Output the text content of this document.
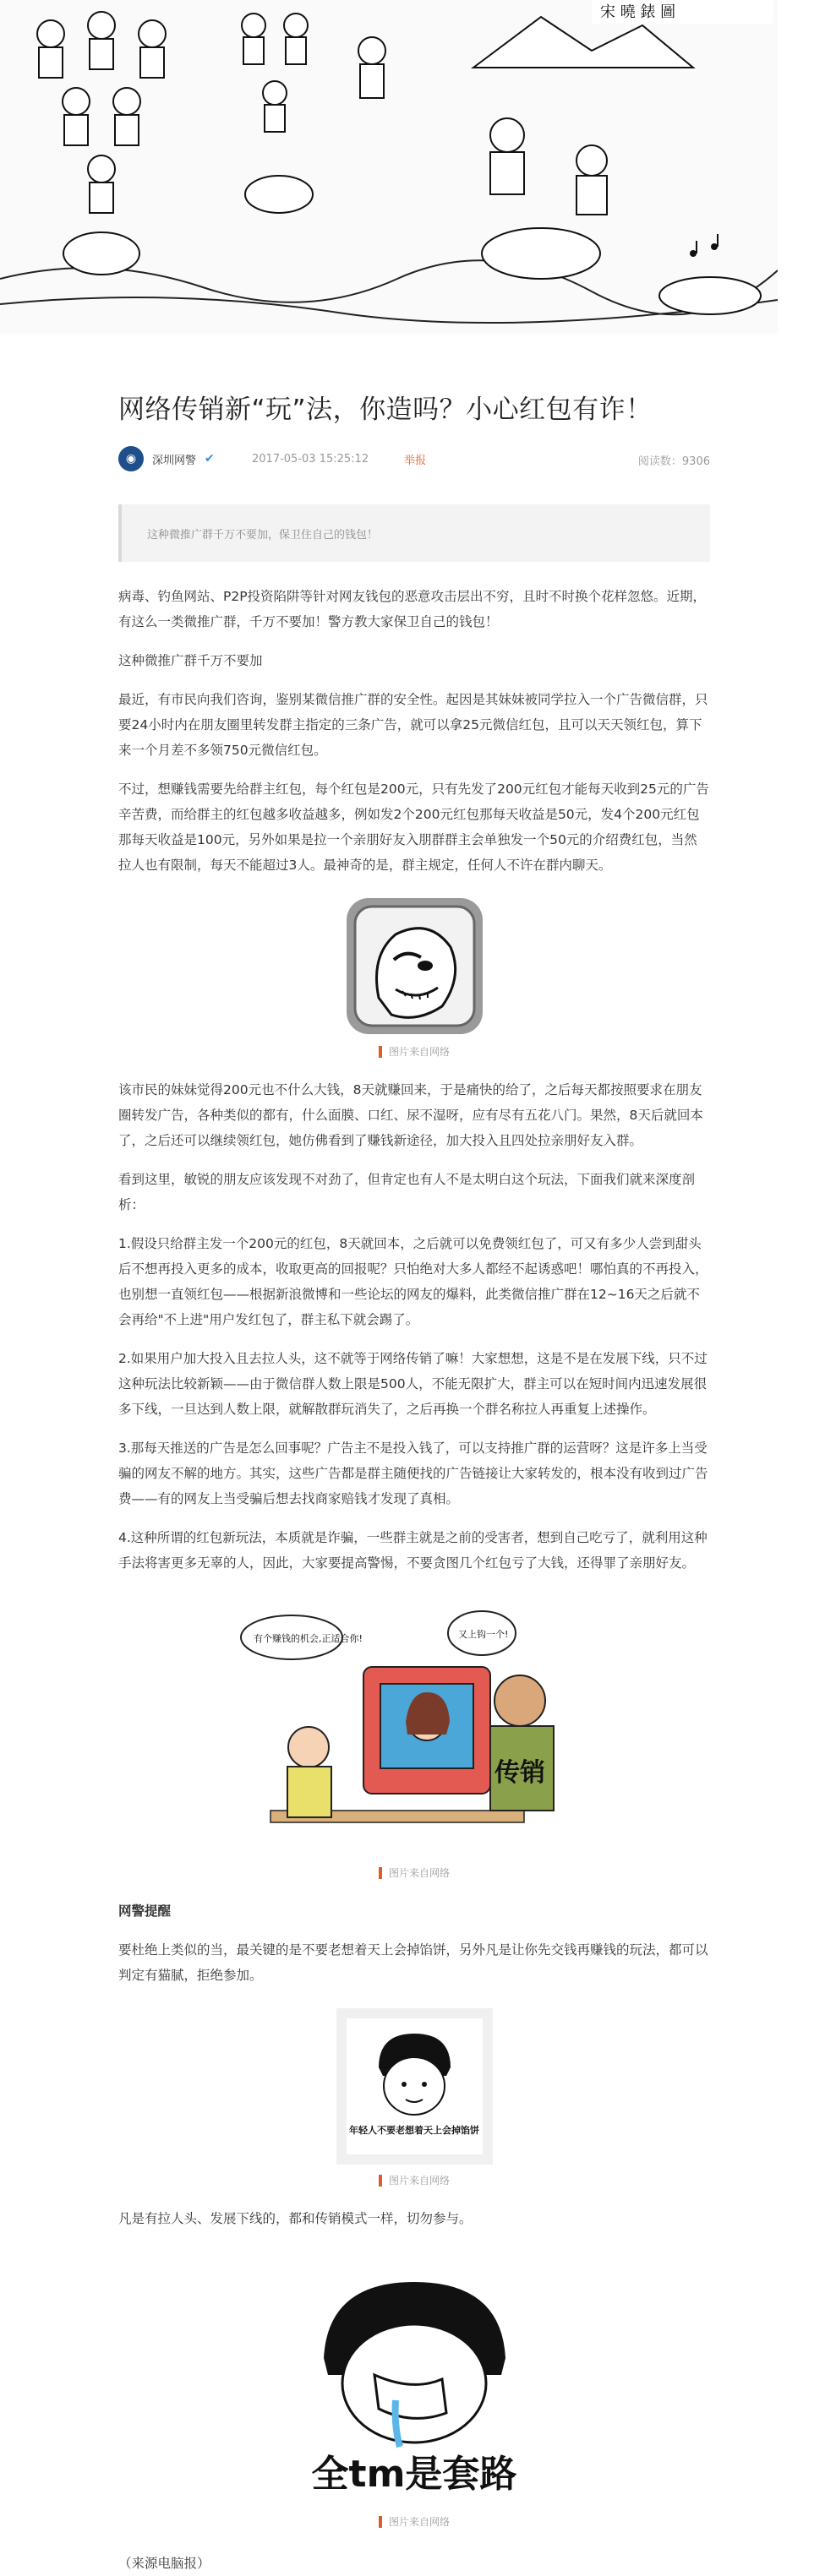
宋 曉 錶 圖
网络传销新“玩”法，你造吗？小心红包有诈！
◉	深圳网警 ✔	2017-05-03 15:25:12	举报	阅读数：9306
这种微推广群千万不要加，保卫住自己的钱包！

病毒、钓鱼网站、P2P投资陷阱等针对网友钱包的恶意攻击层出不穷，且时不时换个花样忽悠。近期，有这么一类微推广群，千万不要加！警方教大家保卫自己的钱包！

这种微推广群千万不要加

最近，有市民向我们咨询，鉴别某微信推广群的安全性。起因是其妹妹被同学拉入一个广告微信群，只要24小时内在朋友圈里转发群主指定的三条广告，就可以拿25元微信红包，且可以天天领红包，算下来一个月差不多领750元微信红包。

不过，想赚钱需要先给群主红包，每个红包是200元，只有先发了200元红包才能每天收到25元的广告辛苦费，而给群主的红包越多收益越多，例如发2个200元红包那每天收益是50元，发4个200元红包那每天收益是100元，另外如果是拉一个亲朋好友入朋群群主会单独发一个50元的介绍费红包，当然拉人也有限制，每天不能超过3人。最神奇的是，群主规定，任何人不许在群内聊天。

图片来自网络

该市民的妹妹觉得200元也不什么大钱，8天就赚回来，于是痛快的给了，之后每天都按照要求在朋友圈转发广告，各种类似的都有，什么面膜、口红、尿不湿呀，应有尽有五花八门。果然，8天后就回本了，之后还可以继续领红包，她仿佛看到了赚钱新途径，加大投入且四处拉亲朋好友入群。

看到这里，敏锐的朋友应该发现不对劲了，但肯定也有人不是太明白这个玩法，下面我们就来深度剖析：

1.假设只给群主发一个200元的红包，8天就回本，之后就可以免费领红包了，可又有多少人尝到甜头后不想再投入更多的成本，收取更高的回报呢？只怕绝对大多人都经不起诱惑吧！哪怕真的不再投入，也别想一直领红包——根据新浪微博和一些论坛的网友的爆料，此类微信推广群在12~16天之后就不会再给"不上进"用户发红包了，群主私下就会踢了。

2.如果用户加大投入且去拉人头，这不就等于网络传销了嘛！大家想想，这是不是在发展下线，只不过这种玩法比较新颖——由于微信群人数上限是500人，不能无限扩大，群主可以在短时间内迅速发展很多下线，一旦达到人数上限，就解散群玩消失了，之后再换一个群名称拉人再重复上述操作。

3.那每天推送的广告是怎么回事呢？广告主不是投入钱了，可以支持推广群的运营呀？这是许多上当受骗的网友不解的地方。其实，这些广告都是群主随便找的广告链接让大家转发的，根本没有收到过广告费——有的网友上当受骗后想去找商家赔钱才发现了真相。

4.这种所谓的红包新玩法，本质就是诈骗，一些群主就是之前的受害者，想到自己吃亏了，就利用这种手法将害更多无辜的人，因此，大家要提高警惕，不要贪图几个红包亏了大钱，还得罪了亲朋好友。

传销
有个赚钱的机会,正适合你!	又上钩一个!
图片来自网络

网警提醒

要杜绝上类似的当，最关键的是不要老想着天上会掉馅饼，另外凡是让你先交钱再赚钱的玩法，都可以判定有猫腻，拒绝参加。

年轻人不要老想着天上会掉馅饼
图片来自网络

凡是有拉人头、发展下线的，都和传销模式一样，切勿参与。

全tm是套路
图片来自网络

（来源电脑报）
